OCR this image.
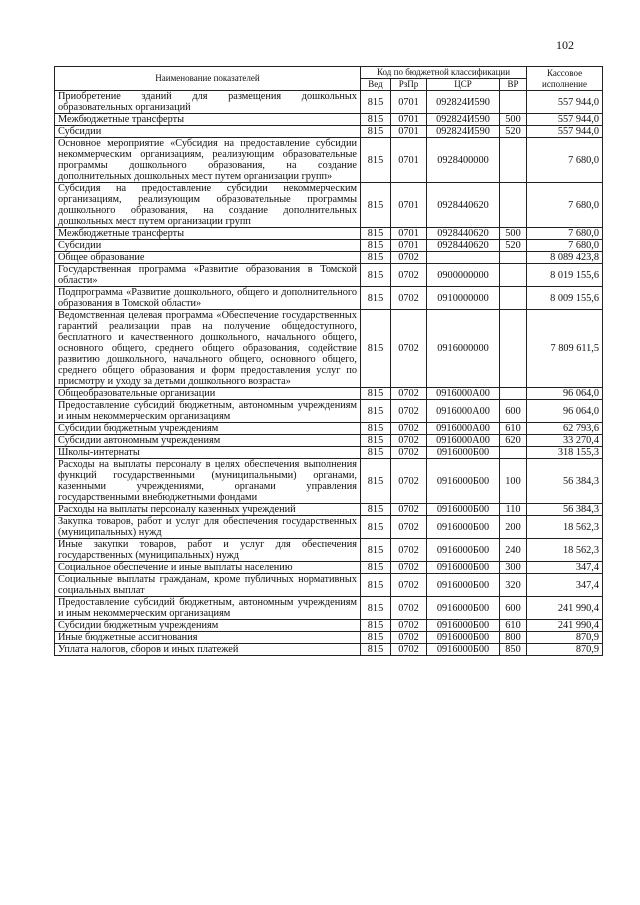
102
Наименование показателей	Код по бюджетной классификации				Кассовое исполнение
	Вед	РзПр	ЦСР	ВР	
Приобретение зданий для размещения дошкольных образовательных организаций	815	0701	092824И590		557 944,0
Межбюджетные трансферты	815	0701	092824И590	500	557 944,0
Субсидии	815	0701	092824И590	520	557 944,0
Основное мероприятие «Субсидия на предоставление субсидии некоммерческим организациям, реализующим образовательные программы дошкольного образования, на создание дополнительных дошкольных мест путем организации групп»	815	0701	0928400000		7 680,0
Субсидия на предоставление субсидии некоммерческим организациям, реализующим образовательные программы дошкольного образования, на создание дополнительных дошкольных мест путем организации групп	815	0701	0928440620		7 680,0
Межбюджетные трансферты	815	0701	0928440620	500	7 680,0
Субсидии	815	0701	0928440620	520	7 680,0
Общее образование	815	0702			8 089 423,8
Государственная программа «Развитие образования в Томской области»	815	0702	0900000000		8 019 155,6
Подпрограмма «Развитие дошкольного, общего и дополнительного образования в Томской области»	815	0702	0910000000		8 009 155,6
Ведомственная целевая программа «Обеспечение государственных гарантий реализации прав на получение общедоступного, бесплатного и качественного дошкольного, начального общего, основного общего, среднего общего образования, содействие развитию дошкольного, начального общего, основного общего, среднего общего образования и форм предоставления услуг по присмотру и уходу за детьми дошкольного возраста»	815	0702	0916000000		7 809 611,5
Общеобразовательные организации	815	0702	0916000А00		96 064,0
Предоставление субсидий бюджетным, автономным учреждениям и иным некоммерческим организациям	815	0702	0916000А00	600	96 064,0
Субсидии бюджетным учреждениям	815	0702	0916000А00	610	62 793,6
Субсидии автономным учреждениям	815	0702	0916000А00	620	33 270,4
Школы-интернаты	815	0702	0916000Б00		318 155,3
Расходы на выплаты персоналу в целях обеспечения выполнения функций государственными (муниципальными) органами, казенными учреждениями, органами управления государственными внебюджетными фондами	815	0702	0916000Б00	100	56 384,3
Расходы на выплаты персоналу казенных учреждений	815	0702	0916000Б00	110	56 384,3
Закупка товаров, работ и услуг для обеспечения государственных (муниципальных) нужд	815	0702	0916000Б00	200	18 562,3
Иные закупки товаров, работ и услуг для обеспечения государственных (муниципальных) нужд	815	0702	0916000Б00	240	18 562,3
Социальное обеспечение и иные выплаты населению	815	0702	0916000Б00	300	347,4
Социальные выплаты гражданам, кроме публичных нормативных социальных выплат	815	0702	0916000Б00	320	347,4
Предоставление субсидий бюджетным, автономным учреждениям и иным некоммерческим организациям	815	0702	0916000Б00	600	241 990,4
Субсидии бюджетным учреждениям	815	0702	0916000Б00	610	241 990,4
Иные бюджетные ассигнования	815	0702	0916000Б00	800	870,9
Уплата налогов, сборов и иных платежей	815	0702	0916000Б00	850	870,9
